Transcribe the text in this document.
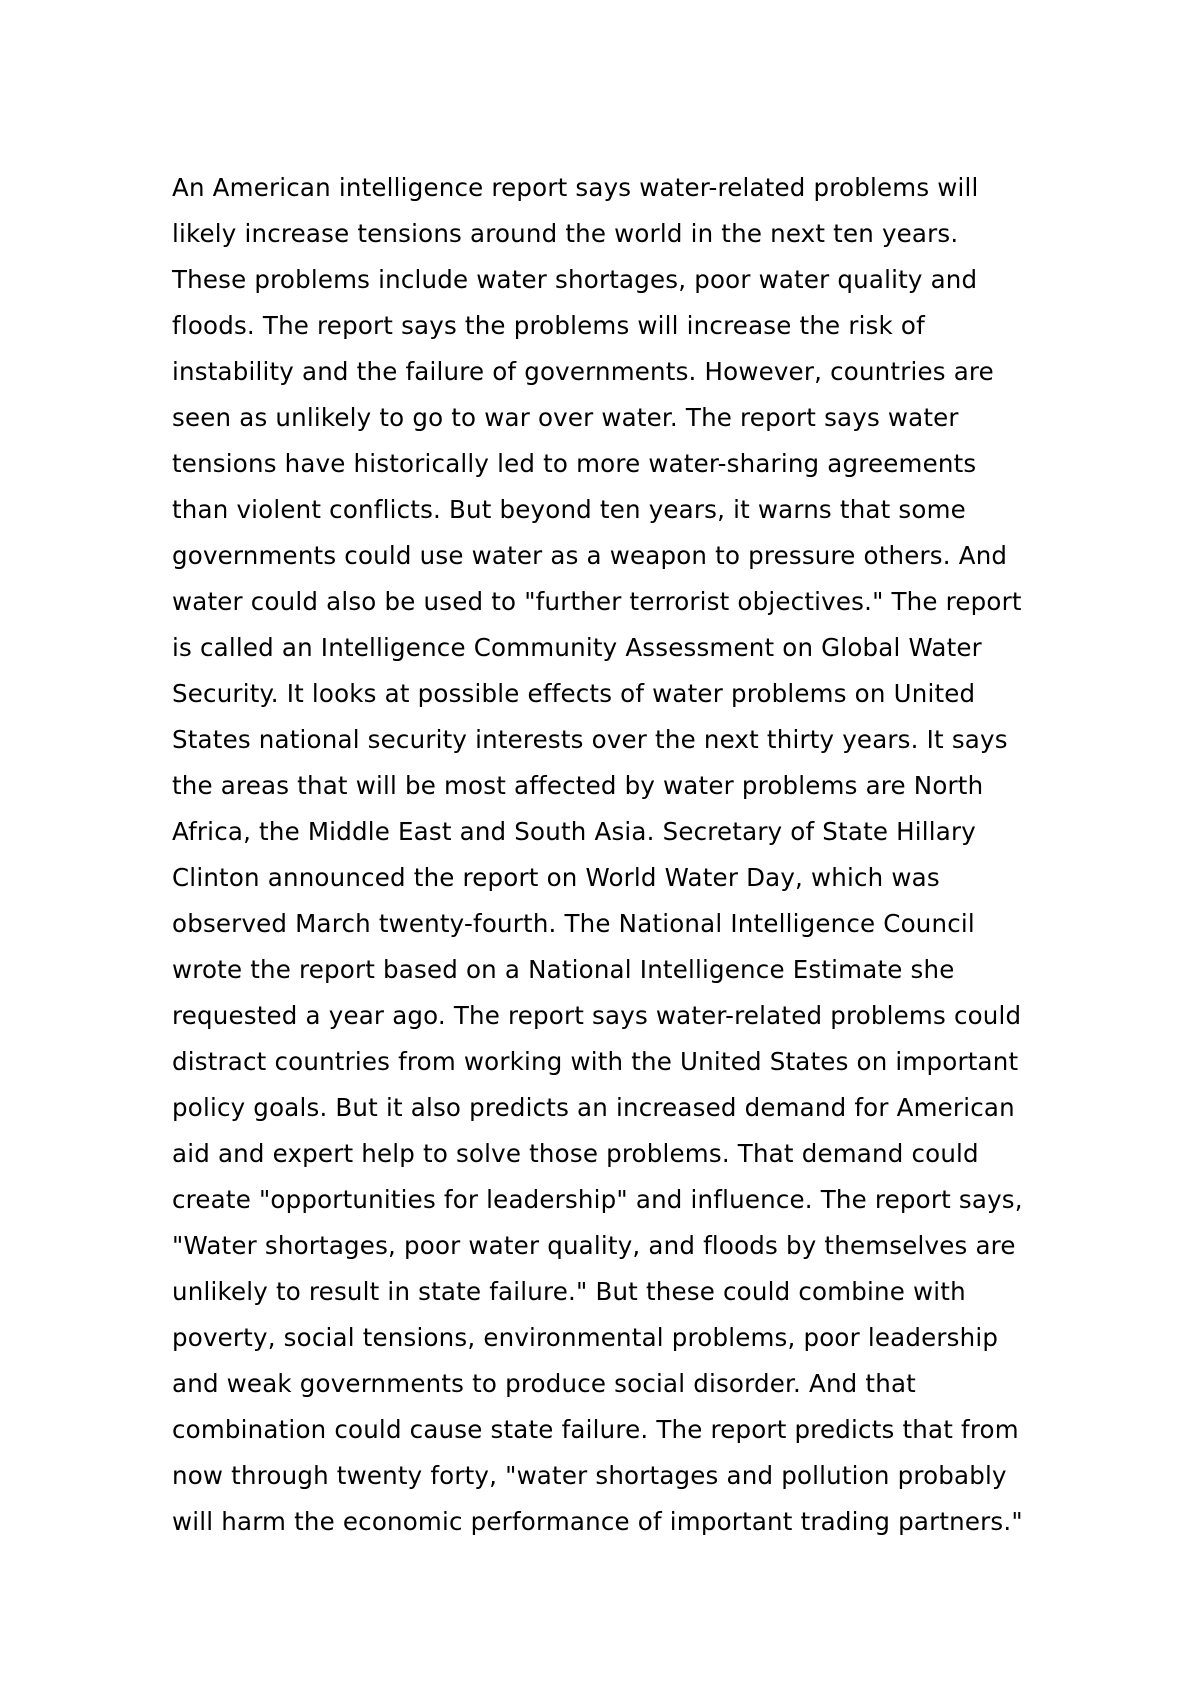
An American intelligence report says water-related problems will
likely increase tensions around the world in the next ten years.
These problems include water shortages, poor water quality and
floods. The report says the problems will increase the risk of
instability and the failure of governments. However, countries are
seen as unlikely to go to war over water. The report says water
tensions have historically led to more water-sharing agreements
than violent conflicts. But beyond ten years, it warns that some
governments could use water as a weapon to pressure others. And
water could also be used to "further terrorist objectives." The report
is called an Intelligence Community Assessment on Global Water
Security. It looks at possible effects of water problems on United
States national security interests over the next thirty years. It says
the areas that will be most affected by water problems are North
Africa, the Middle East and South Asia. Secretary of State Hillary
Clinton announced the report on World Water Day, which was
observed March twenty-fourth. The National Intelligence Council
wrote the report based on a National Intelligence Estimate she
requested a year ago. The report says water-related problems could
distract countries from working with the United States on important
policy goals. But it also predicts an increased demand for American
aid and expert help to solve those problems. That demand could
create "opportunities for leadership" and influence. The report says,
"Water shortages, poor water quality, and floods by themselves are
unlikely to result in state failure." But these could combine with
poverty, social tensions, environmental problems, poor leadership
and weak governments to produce social disorder. And that
combination could cause state failure. The report predicts that from
now through twenty forty, "water shortages and pollution probably
will harm the economic performance of important trading partners."
